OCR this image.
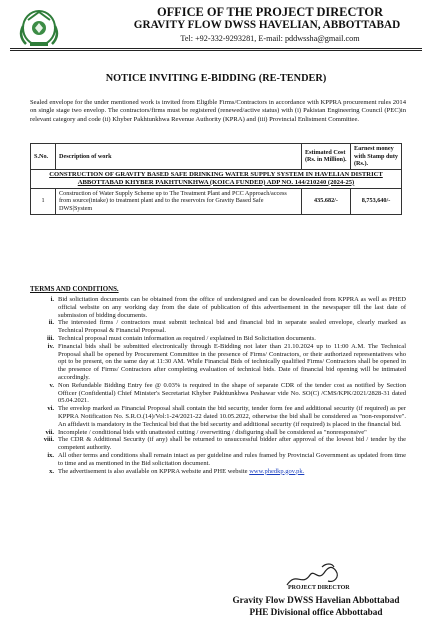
OFFICE OF THE PROJECT DIRECTOR
GRAVITY FLOW DWSS HAVELIAN, ABBOTTABAD
Tel: +92-332-9293281, E-mail: pddwssha@gmail.com
NOTICE INVITING E-BIDDING (RE-TENDER)
Sealed envelope for the under mentioned work is invited from Eligible Firms/Contractors in accordance with KPPRA procurement rules 2014 on single stage two envelop. The contractors/firms must be registered (renewed/active status) with (i) Pakistan Engineering Council (PEC)in relevant category and code (ii) Khyber Pakhtunkhwa Revenue Authority (KPRA) and (iii) Provincial Enlistment Committee.
S.No.	Description of work	Estimated Cost (Rs. in Million).	Earnest money with Stamp duty (Rs.).
CONSTRUCTION OF GRAVITY BASED SAFE DRINKING WATER SUPPLY SYSTEM IN HAVELIAN DISTRICT ABBOTTABAD KHYBER PAKHTUNKHWA (KOICA FUNDED) ADP NO. 144/210240 (2024-25)			
1	Construction of Water Supply Scheme up to The Treatment Plant and PCC Approach/access from source(intake) to treatment plant and to the reservoirs for Gravity Based Safe DWS|System	435.682/-	8,753,640/-
TERMS AND CONDITIONS.
i. Bid solicitation documents can be obtained from the office of undersigned and can be downloaded from KPPRA as well as PHED official website on any working day from the date of publication of this advertisement in the newspaper till the last date of submission of bidding documents.
ii. The interested firms / contractors must submit technical bid and financial bid in separate sealed envelope, clearly marked as Technical Proposal & Financial Proposal.
iii. Technical proposal must contain information as required / explained in Bid Solicitation documents.
iv. Financial bids shall be submitted electronically through E-Bidding not later than 21.10.2024 up to 11:00 A.M. The Technical Proposal shall be opened by Procurement Committee in the presence of Firms/ Contractors, or their authorized representatives who opt to be present, on the same day at 11:30 AM. While Financial Bids of technically qualified Firms/ Contractors shall be opened in the presence of Firms/ Contractors after completing evaluation of technical bids. Date of financial bid opening will be intimated accordingly.
v. Non Refundable Bidding Entry fee @ 0.03% is required in the shape of separate CDR of the tender cost as notified by Section Officer (Confidential) Chief Minister's Secretariat Khyber Pakhtunkhwa Peshawar vide No. SO(C) /CMS/KPK/2021/2828-31 dated 05.04.2021.
vi. The envelop marked as Financial Proposal shall contain the bid security, tender form fee and additional security (if required) as per KPPRA Notification No. S.R.O.(14)/Vol:1-24/2021-22 dated 10.05.2022, otherwise the bid shall be considered as "non-responsive". An affidavit is mandatory in the Technical bid that the bid security and additional security (if required) is placed in the financial bid.
vii. Incomplete / conditional bids with unattested cutting / overwriting / disfiguring shall be considered as "nonresponsive"
viii. The CDR & Additional Security (if any) shall be returned to unsuccessful bidder after approval of the lowest bid / tender by the competent authority.
ix. All other terms and conditions shall remain intact as per guideline and rules framed by Provincial Government as updated from time to time and as mentioned in the Bid solicitation document.
x. The advertisement is also available on KPPRA website and PHE website www.phedkp.gov.pk.
PROJECT DIRECTOR
Gravity Flow DWSS Havelian Abbottabad
PHE Divisional office Abbottabad
